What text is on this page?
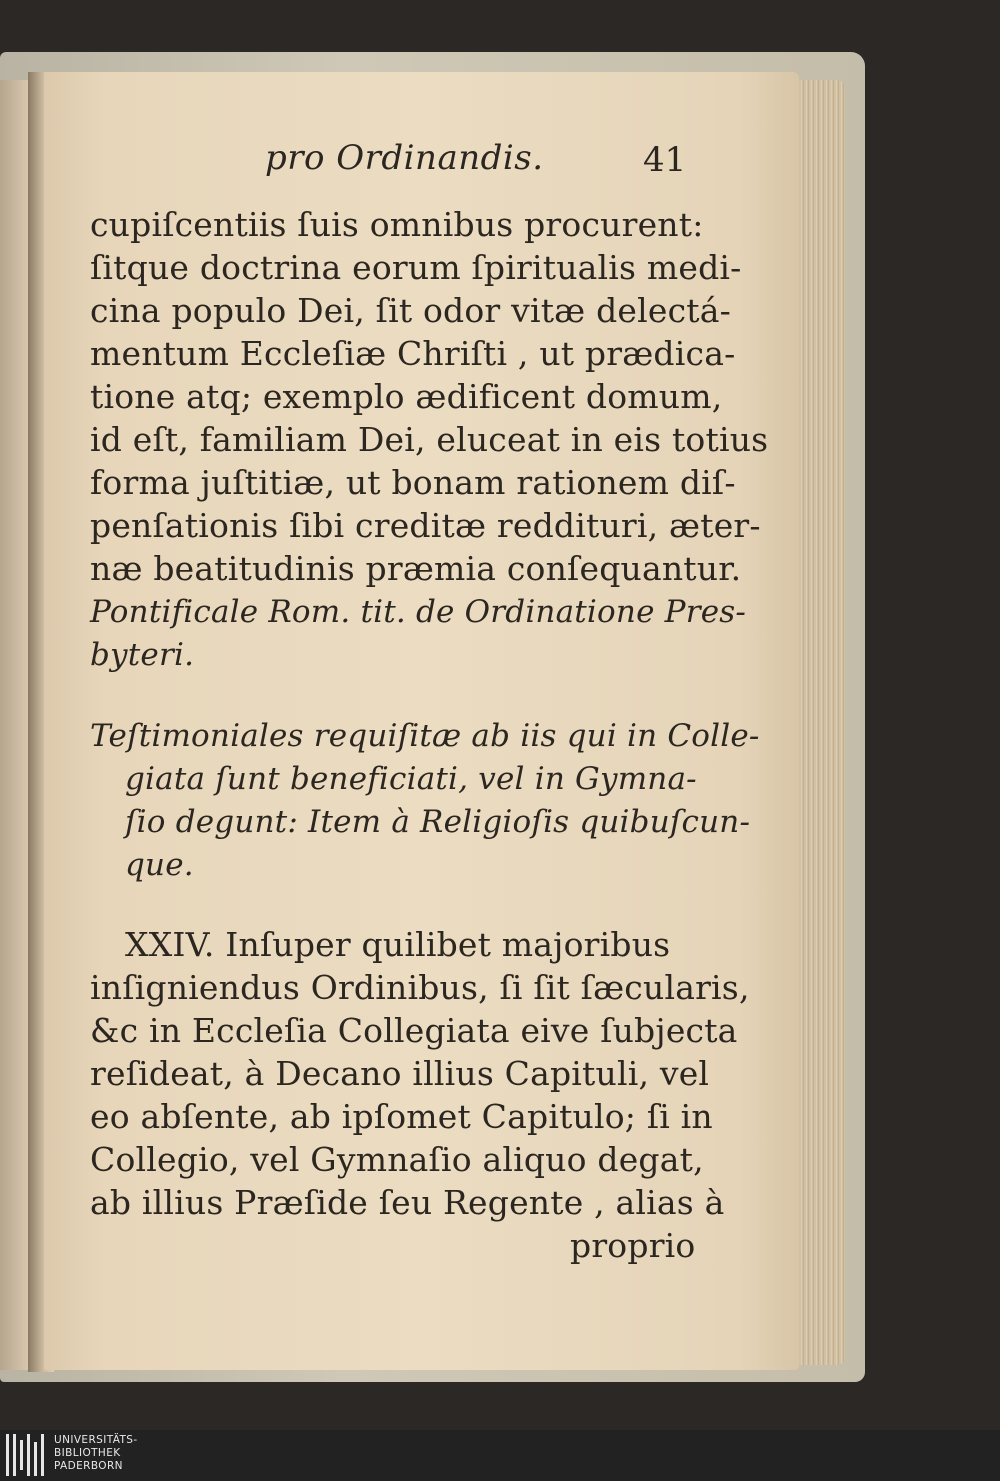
pro Ordinandis.	41
cupiſcentiis ſuis omnibus procurent:
ſitque doctrina eorum ſpiritualis medi-
cina populo Dei, ſit odor vitæ delectá-
mentum Eccleſiæ Chriſti , ut prædica-
tione atq; exemplo ædificent domum,
id eſt, familiam Dei, eluceat in eis totius
forma juſtitiæ, ut bonam rationem diſ-
penſationis ſibi creditæ reddituri, æter-
næ beatitudinis præmia conſequantur.
Pontificale Rom. tit. de Ordinatione Pres-
byteri.
Teſtimoniales requiſitæ ab iis qui in Colle-
giata ſunt beneficiati, vel in Gymna-
ſio degunt: Item à Religioſis quibuſcun-
que.
XXIV. Inſuper quilibet majoribus
inſigniendus Ordinibus, ſi ſit ſæcularis,
&c in Eccleſia Collegiata eive ſubjecta
reſideat, à Decano illius Capituli, vel
eo abſente, ab ipſomet Capitulo; ſi in
Collegio, vel Gymnaſio aliquo degat,
ab illius Præſide ſeu Regente , alias à
proprio
UNIVERSITÄTS-
BIBLIOTHEK
PADERBORN
